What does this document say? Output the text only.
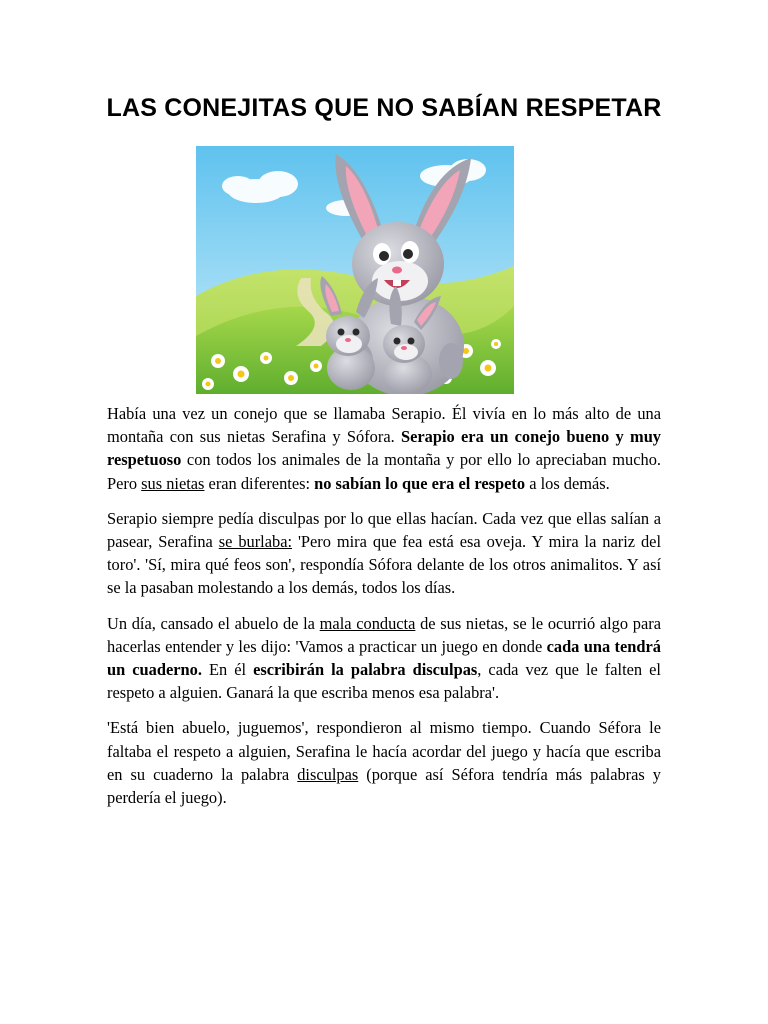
LAS CONEJITAS QUE NO SABÍAN RESPETAR

Había una vez un conejo que se llamaba Serapio. Él vivía en lo más alto de una montaña con sus nietas Serafina y Sófora. Serapio era un conejo bueno y muy respetuoso con todos los animales de la montaña y por ello lo apreciaban mucho. Pero sus nietas eran diferentes: no sabían lo que era el respeto a los demás.

Serapio siempre pedía disculpas por lo que ellas hacían. Cada vez que ellas salían a pasear, Serafina se burlaba: 'Pero mira que fea está esa oveja. Y mira la nariz del toro'. 'Sí, mira qué feos son', respondía Sófora delante de los otros animalitos. Y así se la pasaban molestando a los demás, todos los días.

Un día, cansado el abuelo de la mala conducta de sus nietas, se le ocurrió algo para hacerlas entender y les dijo: 'Vamos a practicar un juego en donde cada una tendrá un cuaderno. En él escribirán la palabra disculpas, cada vez que le falten el respeto a alguien. Ganará la que escriba menos esa palabra'.

'Está bien abuelo, juguemos', respondieron al mismo tiempo. Cuando Séfora le faltaba el respeto a alguien, Serafina le hacía acordar del juego y hacía que escriba en su cuaderno la palabra disculpas (porque así Séfora tendría más palabras y perdería el juego).
